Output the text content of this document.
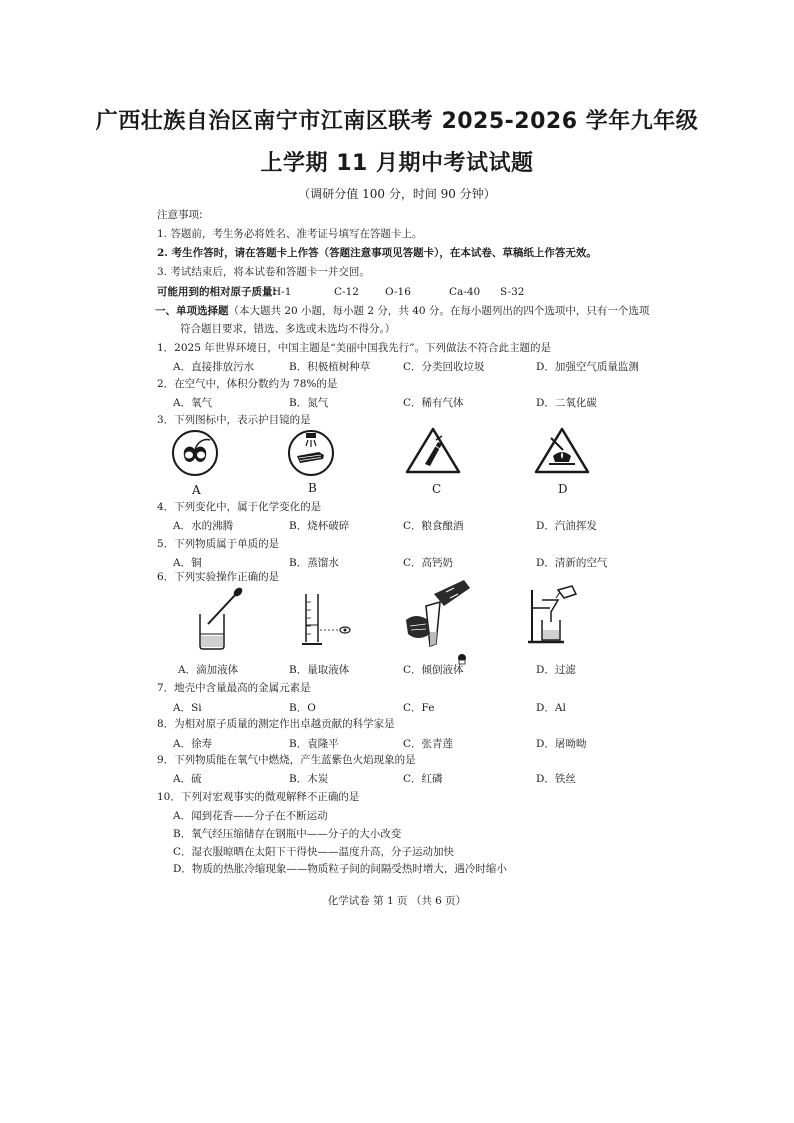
广西壮族自治区南宁市江南区联考 2025-2026 学年九年级
上学期 11 月期中考试试题
（调研分值 100 分，时间 90 分钟）
注意事项:
1. 答题前，考生务必将姓名、准考证号填写在答题卡上。
2. 考生作答时，请在答题卡上作答（答题注意事项见答题卡），在本试卷、草稿纸上作答无效。
3. 考试结束后，将本试卷和答题卡一并交回。
可能用到的相对原子质量:
H-1	C-12 O-16	Ca-40 S-32
一、单项选择题（本大题共 20 小题，每小题 2 分，共 40 分。在每小题列出的四个选项中，只有一个选项
符合题目要求，错选、多选或未选均不得分。）
1．2025 年世界环境日，中国主题是“美丽中国我先行”。下列做法不符合此主题的是
A．直接排放污水	B．积极植树种草	C．分类回收垃圾	D．加强空气质量监测
2．在空气中，体积分数约为 78%的是
A．氧气	B．氮气	C．稀有气体	D．二氧化碳
3．下列图标中，表示护目镜的是
A	B	C	D
4．下列变化中，属于化学变化的是
A．水的沸腾	B．烧杯破碎	C．粮食酿酒	D．汽油挥发
5．下列物质属于单质的是
A．铜	B．蒸馏水	C．高钙奶	D．清新的空气
6．下列实验操作正确的是
A．滴加液体	B．量取液体	C．倾倒液体	D．过滤
7．地壳中含量最高的金属元素是
A．Si	B．O	C．Fe	D．Al
8．为相对原子质量的测定作出卓越贡献的科学家是
A．徐寿	B．袁隆平	C．张青莲	D．屠呦呦
9．下列物质能在氧气中燃烧，产生蓝紫色火焰现象的是
A．硫	B．木炭	C．红磷	D．铁丝
10．下列对宏观事实的微观解释不正确的是
A．闻到花香——分子在不断运动
B．氧气经压缩储存在钢瓶中——分子的大小改变
C．湿衣服晾晒在太阳下干得快——温度升高，分子运动加快
D．物质的热胀冷缩现象——物质粒子间的间隔受热时增大，遇冷时缩小
化学试卷 第 1 页 （共 6 页）
